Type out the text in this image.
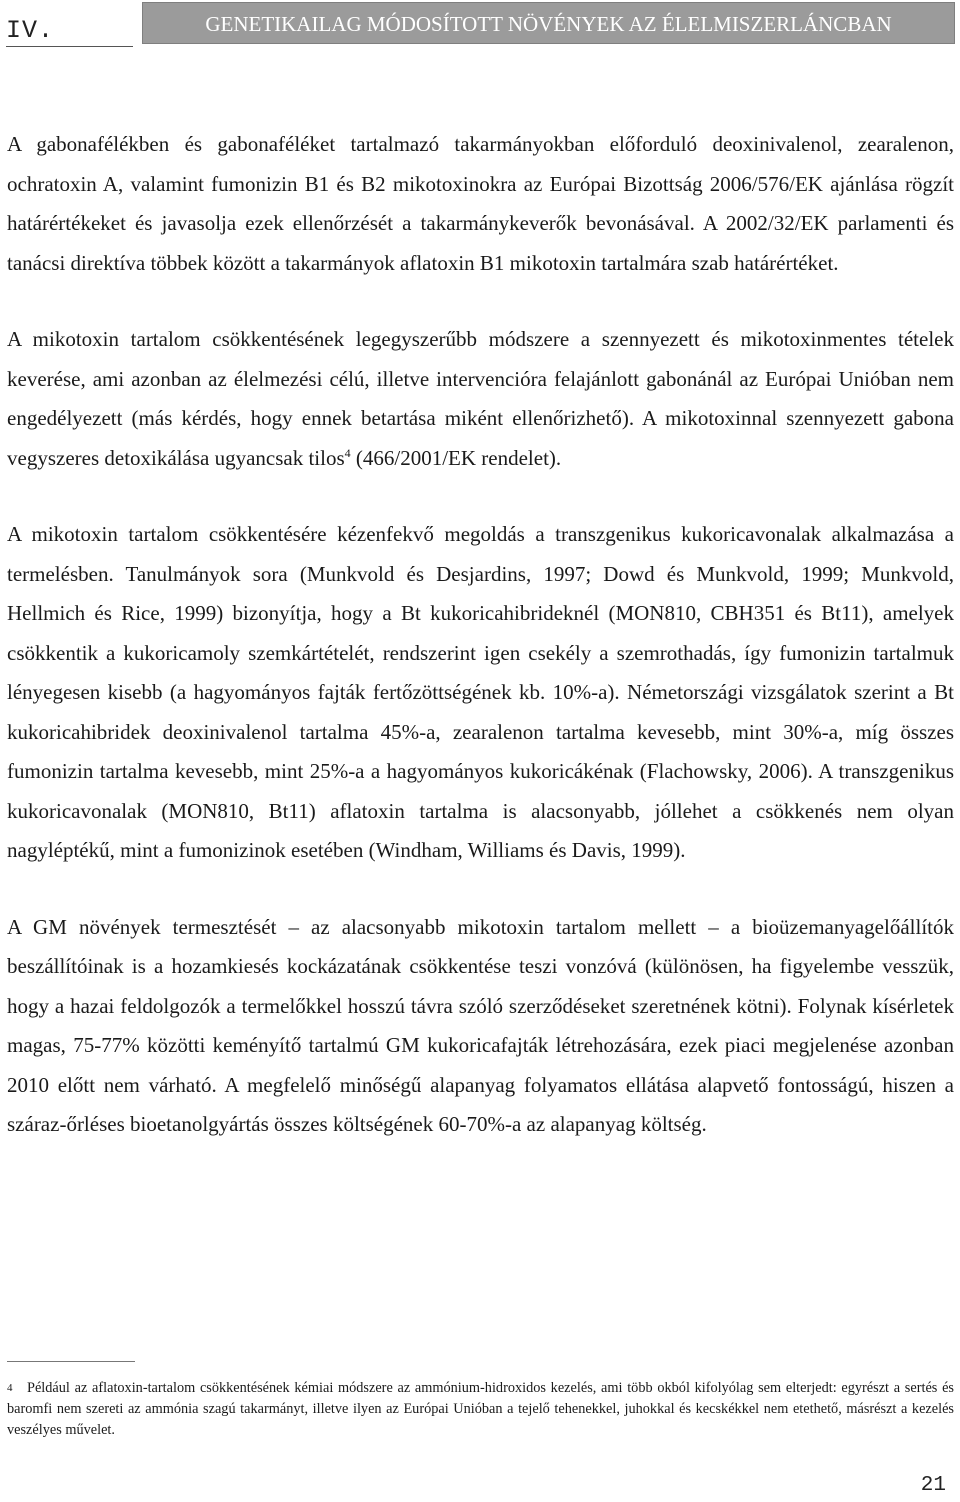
IV.	GENETIKAILAG MÓDOSÍTOTT NÖVÉNYEK AZ ÉLELMISZERLÁNCBAN

A gabonafélékben és gabonaféléket tartalmazó takarmányokban előforduló deoxinivalenol, zearalenon, ochratoxin A, valamint fumonizin B1 és B2 mikotoxinokra az Európai Bizottság 2006/576/EK ajánlása rögzít határértékeket és javasolja ezek ellenőrzését a takarmánykeverők bevonásával. A 2002/32/EK parlamenti és tanácsi direktíva többek között a takarmányok aflatoxin B1 mikotoxin tartalmára szab határértéket.

A mikotoxin tartalom csökkentésének legegyszerűbb módszere a szennyezett és mikotoxinmentes tételek keverése, ami azonban az élelmezési célú, illetve intervencióra felajánlott gabonánál az Európai Unióban nem engedélyezett (más kérdés, hogy ennek betartása miként ellenőrizhető). A mikotoxinnal szennyezett gabona vegyszeres detoxikálása ugyancsak tilos$^4$ (466/2001/EK rendelet).

A mikotoxin tartalom csökkentésére kézenfekvő megoldás a transzgenikus kukoricavonalak alkalmazása a termelésben. Tanulmányok sora (Munkvold és Desjardins, 1997; Dowd és Munkvold, 1999; Munkvold, Hellmich és Rice, 1999) bizonyítja, hogy a Bt kukoricahibrideknél (MON810, CBH351 és Bt11), amelyek csökkentik a kukoricamoly szemkártételét, rendszerint igen csekély a szemrothadás, így fumonizin tartalmuk lényegesen kisebb (a hagyományos fajták fertőzöttségének kb. 10%-a). Németországi vizsgálatok szerint a Bt kukoricahibridek deoxinivalenol tartalma 45%-a, zearalenon tartalma kevesebb, mint 30%-a, míg összes fumonizin tartalma kevesebb, mint 25%-a a hagyományos kukoricákénak (Flachowsky, 2006). A transzgenikus kukoricavonalak (MON810, Bt11) aflatoxin tartalma is alacsonyabb, jóllehet a csökkenés nem olyan nagyléptékű, mint a fumonizinok esetében (Windham, Williams és Davis, 1999).

A GM növények termesztését – az alacsonyabb mikotoxin tartalom mellett – a bioüzemanyagelőállítók beszállítóinak is a hozamkiesés kockázatának csökkentése teszi vonzóvá (különösen, ha figyelembe vesszük, hogy a hazai feldolgozók a termelőkkel hosszú távra szóló szerződéseket szeretnének kötni). Folynak kísérletek magas, 75-77% közötti keményítő tartalmú GM kukoricafajták létrehozására, ezek piaci megjelenése azonban 2010 előtt nem várható. A megfelelő minőségű alapanyag folyamatos ellátása alapvető fontosságú, hiszen a száraz-őrléses bioetanolgyártás összes költségének 60-70%-a az alapanyag költség.

4	Például az aflatoxin-tartalom csökkentésének kémiai módszere az ammónium-hidroxidos kezelés, ami több okból kifolyólag sem elterjedt: egyrészt a sertés és baromfi nem szereti az ammónia szagú takarmányt, illetve ilyen az Európai Unióban a tejelő tehenekkel, juhokkal és kecskékkel nem etethető, másrészt a kezelés veszélyes művelet.
21
